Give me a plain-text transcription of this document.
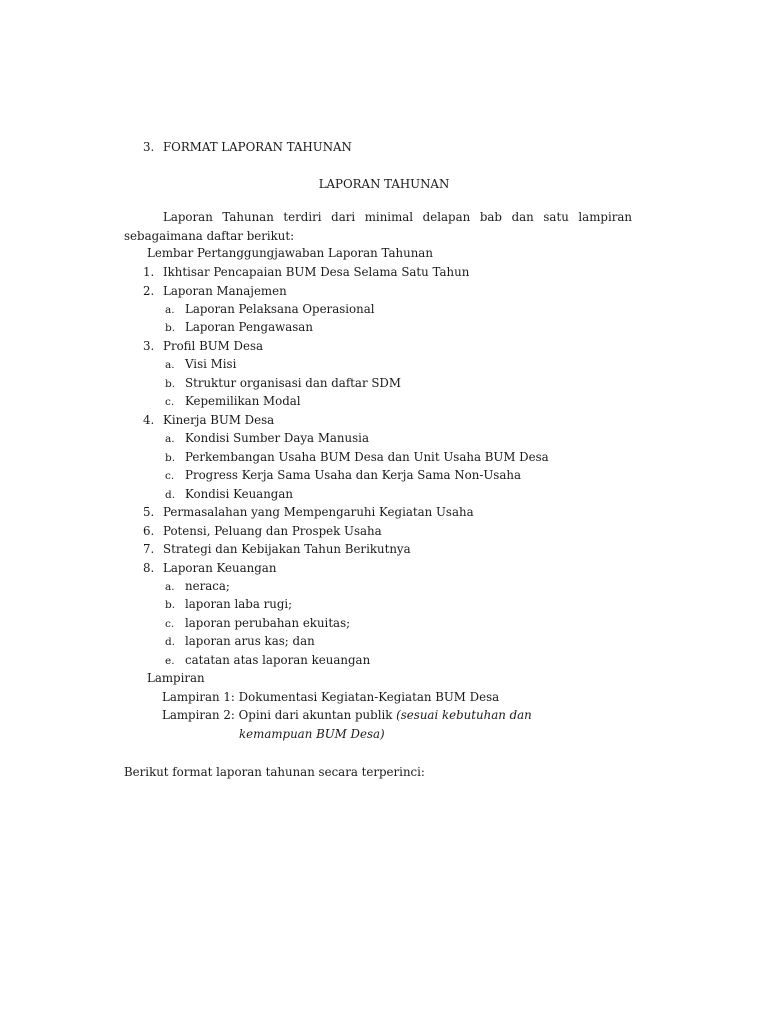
3. FORMAT LAPORAN TAHUNAN
LAPORAN TAHUNAN
Laporan Tahunan terdiri dari minimal delapan bab dan satu lampiran sebagaimana daftar berikut:
Lembar Pertanggungjawaban Laporan Tahunan
1. Ikhtisar Pencapaian BUM Desa Selama Satu Tahun
2. Laporan Manajemen
a. Laporan Pelaksana Operasional
b. Laporan Pengawasan
3. Profil BUM Desa
a. Visi Misi
b. Struktur organisasi dan daftar SDM
c. Kepemilikan Modal
4. Kinerja BUM Desa
a. Kondisi Sumber Daya Manusia
b. Perkembangan Usaha BUM Desa dan Unit Usaha BUM Desa
c. Progress Kerja Sama Usaha dan Kerja Sama Non-Usaha
d. Kondisi Keuangan
5. Permasalahan yang Mempengaruhi Kegiatan Usaha
6. Potensi, Peluang dan Prospek Usaha
7. Strategi dan Kebijakan Tahun Berikutnya
8. Laporan Keuangan
a. neraca;
b. laporan laba rugi;
c. laporan perubahan ekuitas;
d. laporan arus kas; dan
e. catatan atas laporan keuangan
Lampiran
Lampiran 1: Dokumentasi Kegiatan-Kegiatan BUM Desa
Lampiran 2: Opini dari akuntan publik (sesuai kebutuhan dan
kemampuan BUM Desa)
Berikut format laporan tahunan secara terperinci:
